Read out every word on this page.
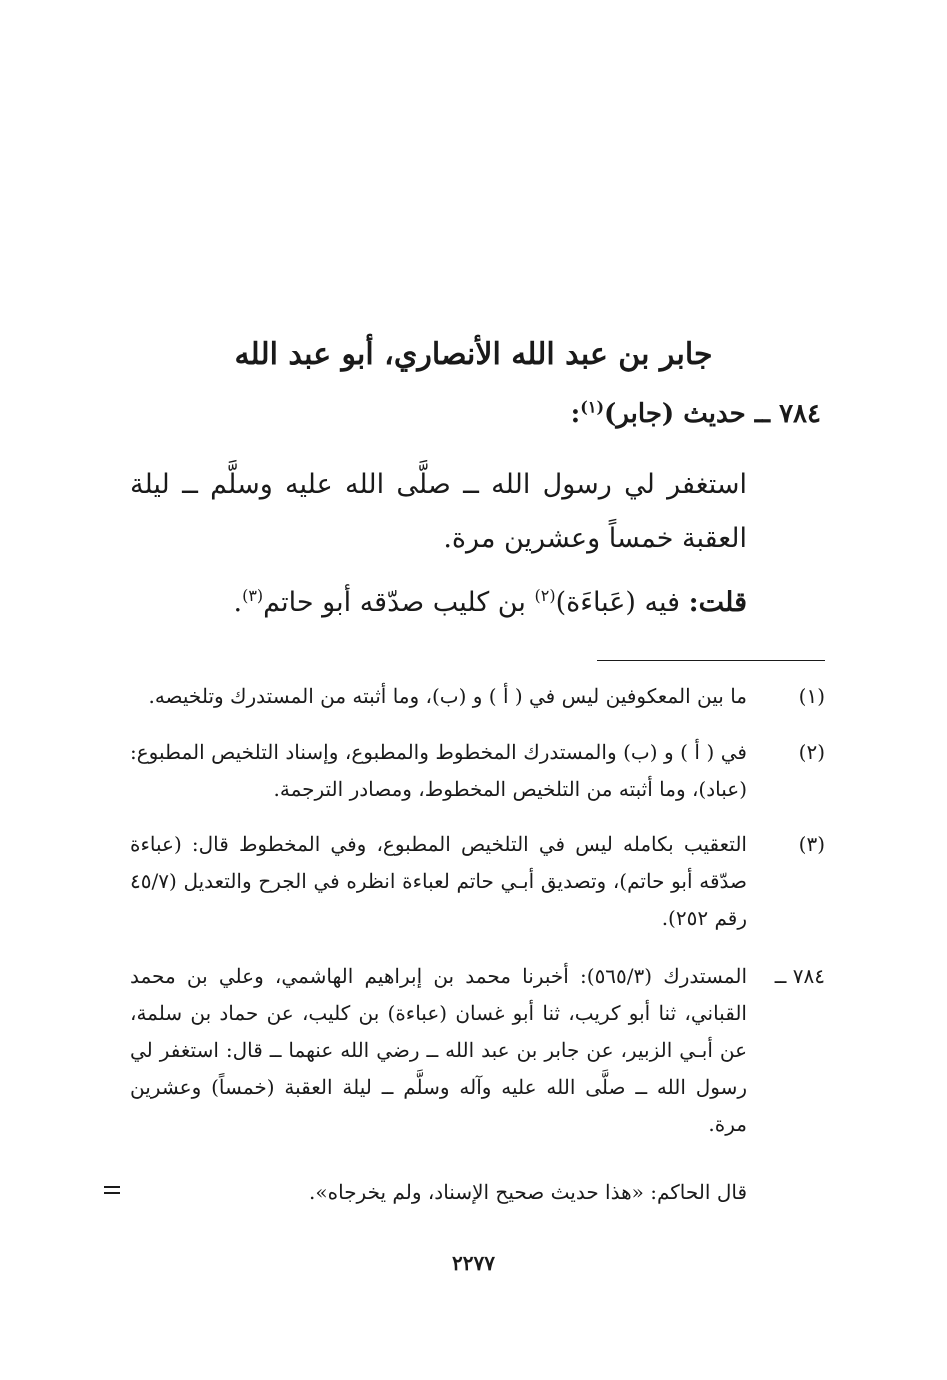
جابر بن عبد الله الأنصاري، أبو عبد الله
٧٨٤ ــ حديث (جابر)$^{(١)}$:
استغفر لي رسول الله ــ صلَّى الله عليه وسلَّم ــ ليلة العقبة خمساً وعشرين مرة.
قلت: فيه (عَباءَة)$^{(٢)}$ بن كليب صدّقه أبو حاتم$^{(٣)}$.
(١)
ما بين المعكوفين ليس في ( أ ) و (ب)، وما أثبته من المستدرك وتلخيصه.
(٢)
في ( أ ) و (ب) والمستدرك المخطوط والمطبوع، وإسناد التلخيص المطبوع: (عباد)، وما أثبته من التلخيص المخطوط، ومصادر الترجمة.
(٣)
التعقيب بكامله ليس في التلخيص المطبوع، وفي المخطوط قال: (عباءة صدّقه أبو حاتم)، وتصديق أبـي حاتم لعباءة انظره في الجرح والتعديل (٤٥/٧ رقم ٢٥٢).
٧٨٤ ــ
المستدرك (٥٦٥/٣): أخبرنا محمد بن إبراهيم الهاشمي، وعلي بن محمد القباني، ثنا أبو كريب، ثنا أبو غسان (عباءة) بن كليب، عن حماد بن سلمة، عن أبـي الزبير، عن جابر بن عبد الله ــ رضي الله عنهما ــ قال: استغفر لي رسول الله ــ صلَّى الله عليه وآله وسلَّم ــ ليلة العقبة (خمساً) وعشرين مرة.
قال الحاكم: «هذا حديث صحيح الإسناد، ولم يخرجاه».
٢٢٧٧
